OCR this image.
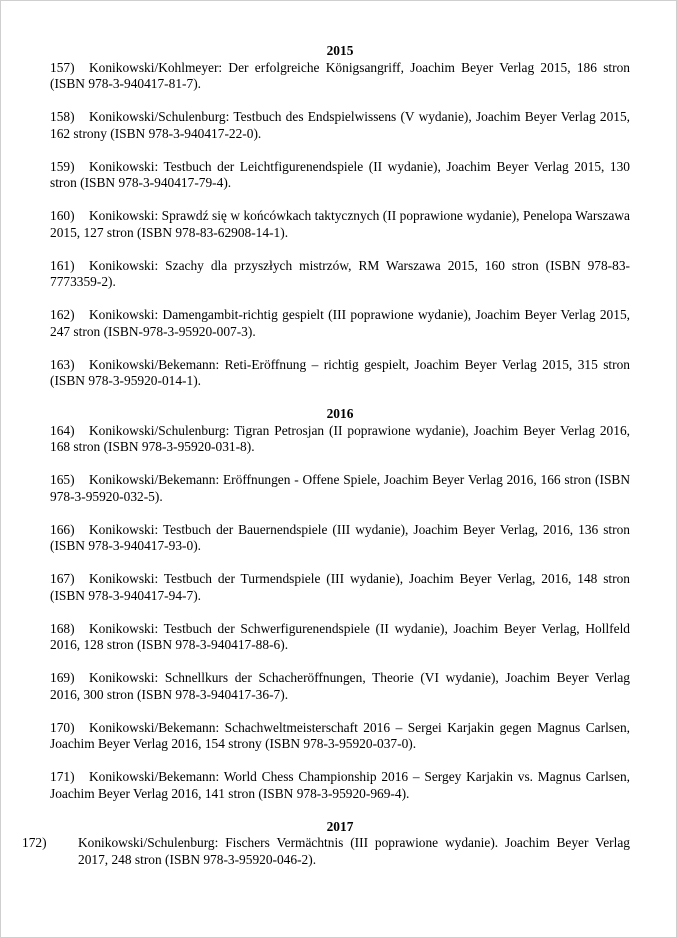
2015

157) Konikowski/Kohlmeyer: Der erfolgreiche Königsangriff, Joachim Beyer Verlag 2015, 186 stron (ISBN 978-3-940417-81-7).

158) Konikowski/Schulenburg: Testbuch des Endspielwissens (V wydanie), Joachim Beyer Verlag 2015, 162 strony (ISBN 978-3-940417-22-0).

159) Konikowski: Testbuch der Leichtfigurenendspiele (II wydanie), Joachim Beyer Verlag 2015, 130 stron (ISBN 978-3-940417-79-4).

160) Konikowski: Sprawdź się w końcówkach taktycznych (II poprawione wydanie), Penelopa Warszawa 2015, 127 stron (ISBN 978-83-62908-14-1).

161) Konikowski: Szachy dla przyszłych mistrzów, RM Warszawa 2015, 160 stron (ISBN 978-83-7773359-2).

162) Konikowski: Damengambit-richtig gespielt (III poprawione wydanie), Joachim Beyer Verlag 2015, 247 stron (ISBN-978-3-95920-007-3).

163) Konikowski/Bekemann: Reti-Eröffnung – richtig gespielt, Joachim Beyer Verlag 2015, 315 stron (ISBN 978-3-95920-014-1).

2016

164) Konikowski/Schulenburg: Tigran Petrosjan (II poprawione wydanie), Joachim Beyer Verlag 2016, 168 stron (ISBN 978-3-95920-031-8).

165) Konikowski/Bekemann: Eröffnungen - Offene Spiele, Joachim Beyer Verlag 2016, 166 stron (ISBN 978-3-95920-032-5).

166) Konikowski: Testbuch der Bauernendspiele (III wydanie), Joachim Beyer Verlag, 2016, 136 stron (ISBN 978-3-940417-93-0).

167) Konikowski: Testbuch der Turmendspiele (III wydanie), Joachim Beyer Verlag, 2016, 148 stron (ISBN 978-3-940417-94-7).

168) Konikowski: Testbuch der Schwerfigurenendspiele (II wydanie), Joachim Beyer Verlag, Hollfeld 2016, 128 stron (ISBN 978-3-940417-88-6).

169) Konikowski: Schnellkurs der Schacheröffnungen, Theorie (VI wydanie), Joachim Beyer Verlag 2016, 300 stron (ISBN 978-3-940417-36-7).

170) Konikowski/Bekemann: Schachweltmeisterschaft 2016 – Sergei Karjakin gegen Magnus Carlsen, Joachim Beyer Verlag 2016, 154 strony (ISBN 978-3-95920-037-0).

171) Konikowski/Bekemann: World Chess Championship 2016 – Sergey Karjakin vs. Magnus Carlsen, Joachim Beyer Verlag 2016, 141 stron (ISBN 978-3-95920-969-4).

2017

172) Konikowski/Schulenburg: Fischers Vermächtnis (III poprawione wydanie). Joachim Beyer Verlag 2017, 248 stron (ISBN 978-3-95920-046-2).
